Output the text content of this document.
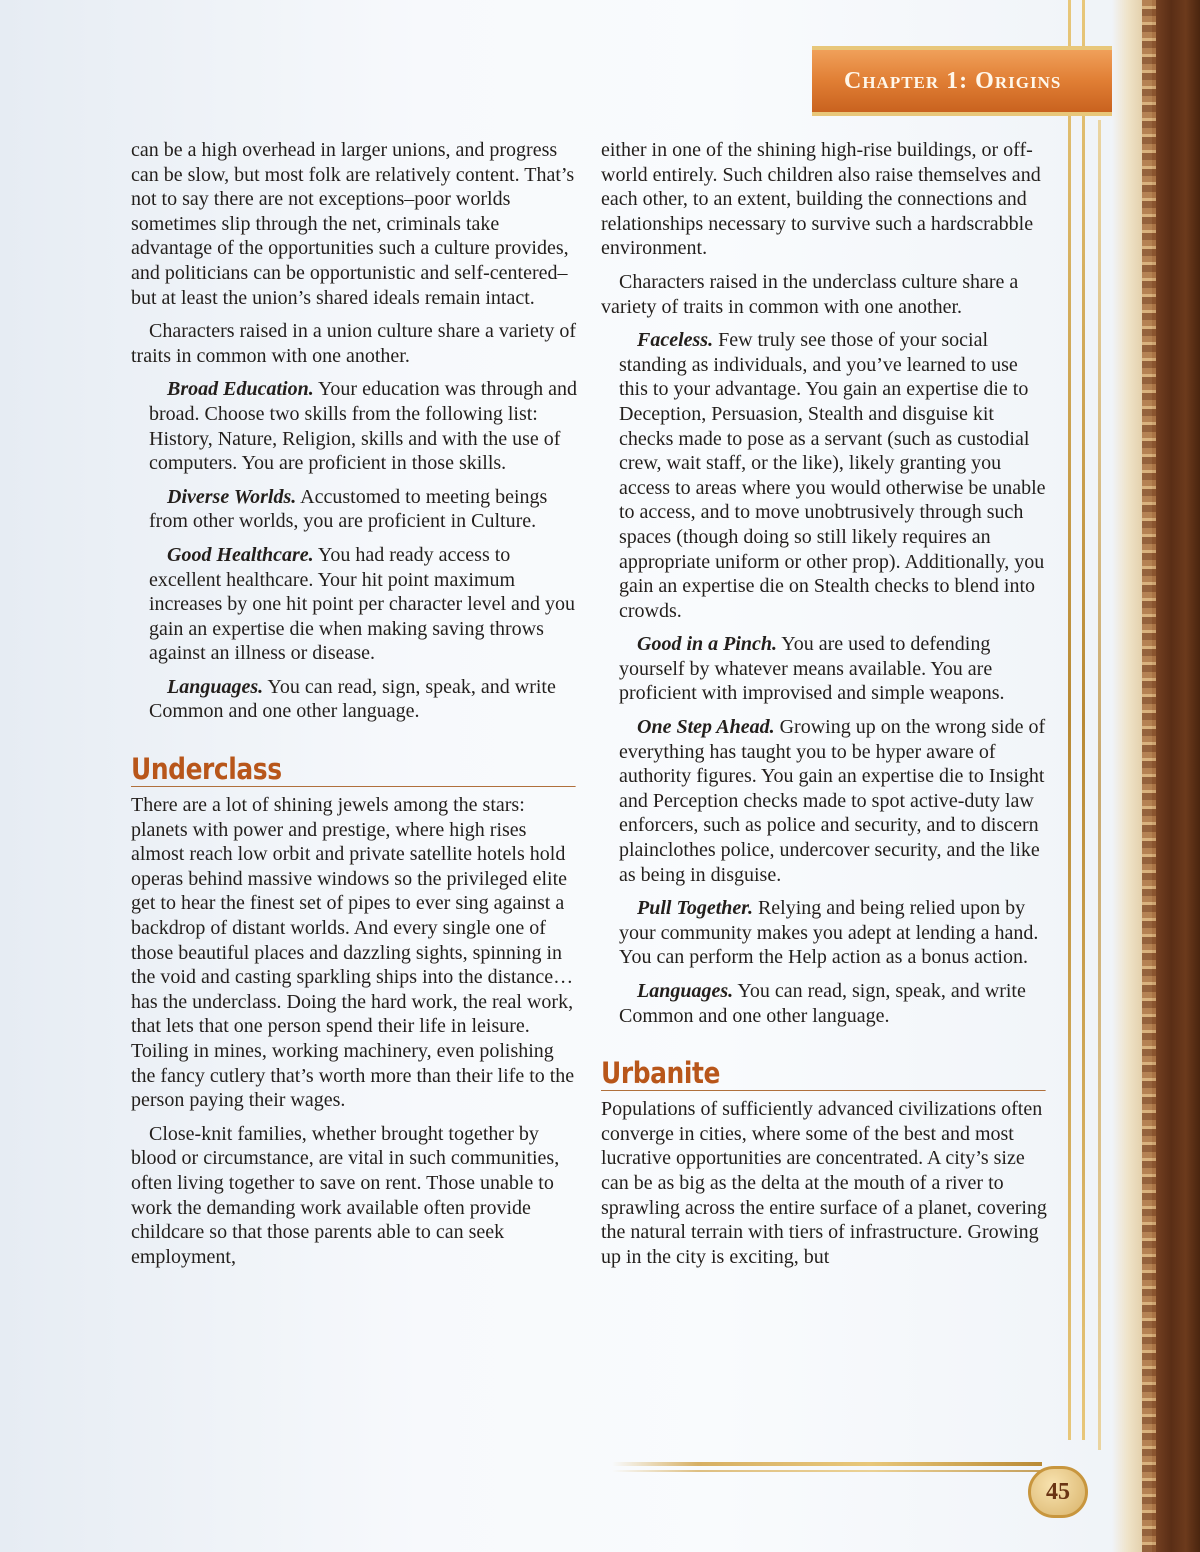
Chapter 1: Origins

can be a high overhead in larger unions, and progress can be slow, but most folk are relatively content. That’s not to say there are not exceptions–poor worlds sometimes slip through the net, criminals take advantage of the opportunities such a culture provides, and politicians can be opportunistic and self-centered–but at least the union’s shared ideals remain intact.

Characters raised in a union culture share a variety of traits in common with one another.

Broad Education. Your education was through and broad. Choose two skills from the following list: History, Nature, Religion, skills and with the use of computers. You are proficient in those skills.

Diverse Worlds. Accustomed to meeting beings from other worlds, you are proficient in Culture.

Good Healthcare. You had ready access to excellent healthcare. Your hit point maximum increases by one hit point per character level and you gain an expertise die when making saving throws against an illness or disease.

Languages. You can read, sign, speak, and write Common and one other language.

Underclass

There are a lot of shining jewels among the stars: planets with power and prestige, where high rises almost reach low orbit and private satellite hotels hold operas behind massive windows so the privileged elite get to hear the finest set of pipes to ever sing against a backdrop of distant worlds. And every single one of those beautiful places and dazzling sights, spinning in the void and casting sparkling ships into the distance… has the underclass. Doing the hard work, the real work, that lets that one person spend their life in leisure. Toiling in mines, working machinery, even polishing the fancy cutlery that’s worth more than their life to the person paying their wages.

Close-knit families, whether brought together by blood or circumstance, are vital in such communities, often living together to save on rent. Those unable to work the demanding work available often provide childcare so that those parents able to can seek employment,

either in one of the shining high-rise buildings, or off-world entirely. Such children also raise themselves and each other, to an extent, building the connections and relationships necessary to survive such a hardscrabble environment.

Characters raised in the underclass culture share a variety of traits in common with one another.

Faceless. Few truly see those of your social standing as individuals, and you’ve learned to use this to your advantage. You gain an expertise die to Deception, Persuasion, Stealth and disguise kit checks made to pose as a servant (such as custodial crew, wait staff, or the like), likely granting you access to areas where you would otherwise be unable to access, and to move unobtrusively through such spaces (though doing so still likely requires an appropriate uniform or other prop). Additionally, you gain an expertise die on Stealth checks to blend into crowds.

Good in a Pinch. You are used to defending yourself by whatever means available. You are proficient with improvised and simple weapons.

One Step Ahead. Growing up on the wrong side of everything has taught you to be hyper aware of authority figures. You gain an expertise die to Insight and Perception checks made to spot active-duty law enforcers, such as police and security, and to discern plainclothes police, undercover security, and the like as being in disguise.

Pull Together. Relying and being relied upon by your community makes you adept at lending a hand. You can perform the Help action as a bonus action.

Languages. You can read, sign, speak, and write Common and one other language.

Urbanite

Populations of sufficiently advanced civilizations often converge in cities, where some of the best and most lucrative opportunities are concentrated. A city’s size can be as big as the delta at the mouth of a river to sprawling across the entire surface of a planet, covering the natural terrain with tiers of infrastructure. Growing up in the city is exciting, but

45
